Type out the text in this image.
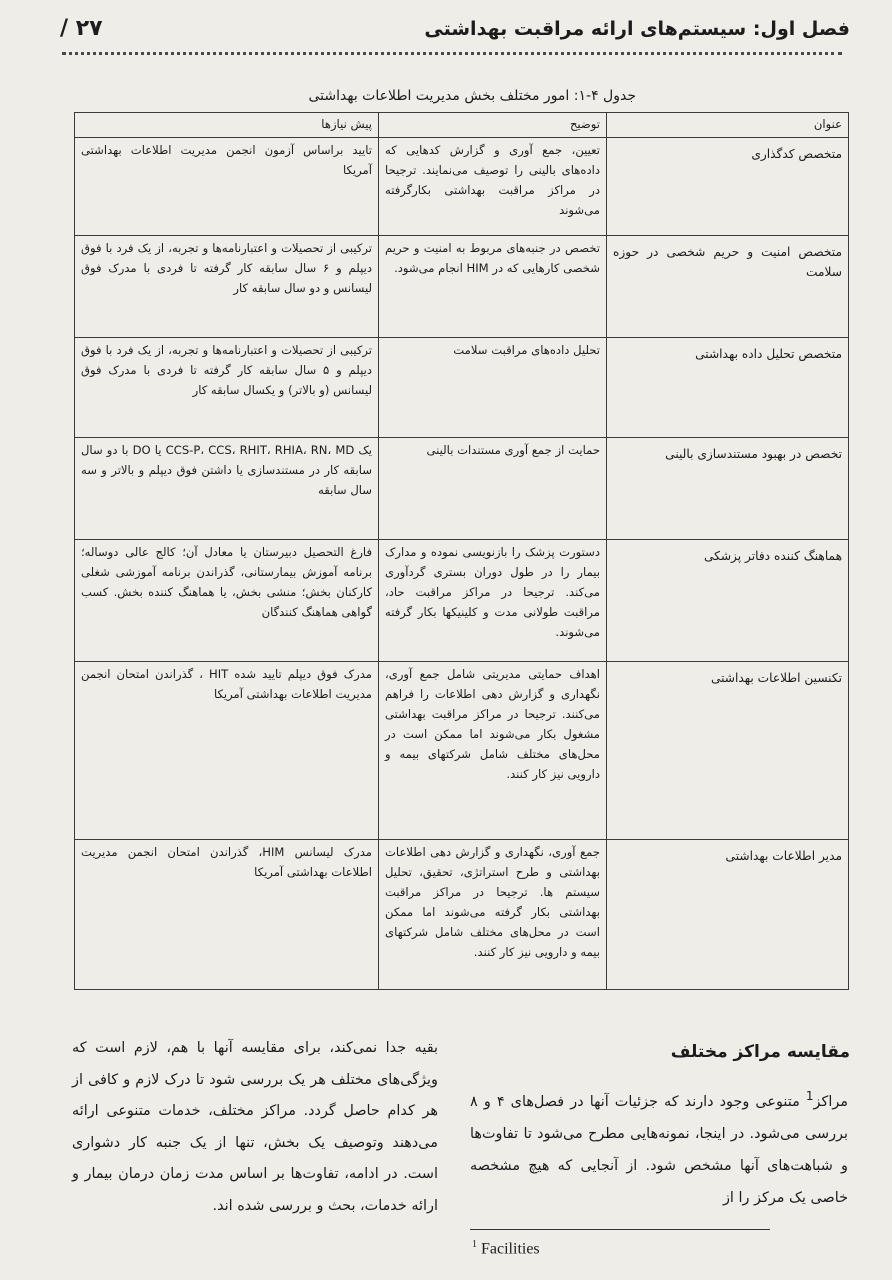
فصل اول: سیستم‌های ارائه مراقبت بهداشتی
۲۷ /
جدول ۴-۱: امور مختلف بخش مدیریت اطلاعات بهداشتی
عنوان	توضیح	پیش نیازها
متخصص کدگذاری	تعیین، جمع آوری و گزارش کدهایی که داده‌های بالینی را توصیف می‌نمایند. ترجیحا در مراکز مراقبت بهداشتی بکارگرفته می‌شوند	تایید براساس آزمون انجمن مدیریت اطلاعات بهداشتی آمریکا
متخصص امنیت و حریم شخصی در حوزه سلامت	تخصص در جنبه‌های مربوط به امنیت و حریم شخصی کارهایی که در HIM انجام می‌شود.	ترکیبی از تحصیلات و اعتبارنامه‌ها و تجربه، از یک فرد با فوق دیپلم و ۶ سال سابقه کار گرفته تا فردی با مدرک فوق لیسانس و دو سال سابقه کار
متخصص تحلیل داده بهداشتی	تحلیل داده‌های مراقبت سلامت	ترکیبی از تحصیلات و اعتبارنامه‌ها و تجربه، از یک فرد با فوق دیپلم و ۵ سال سابقه کار گرفته تا فردی با مدرک فوق لیسانس (و بالاتر) و یکسال سابقه کار
تخصص در بهبود مستندسازی بالینی	حمایت از جمع آوری مستندات بالینی	یک CCS-P، CCS، RHIT، RHIA، RN، MD یا DO با دو سال سابقه کار در مستندسازی یا داشتن فوق دیپلم و بالاتر و سه سال سابقه
هماهنگ کننده دفاتر پزشکی	دستورت پزشک را بازنویسی نموده و مدارک بیمار را در طول دوران بستری گردآوری می‌کند. ترجیحا در مراکز مراقبت حاد، مراقبت طولانی مدت و کلینیکها بکار گرفته می‌شوند.	فارغ التحصیل دبیرستان یا معادل آن؛ کالج عالی دوساله؛ برنامه آموزش بیمارستانی، گذراندن برنامه آموزشی شغلی کارکنان بخش؛ منشی بخش، یا هماهنگ کننده بخش. کسب گواهی هماهنگ کنندگان
تکنسین اطلاعات بهداشتی	اهداف حمایتی مدیریتی شامل جمع آوری، نگهداری و گزارش دهی اطلاعات را فراهم می‌کنند. ترجیحا در مراکز مراقبت بهداشتی مشغول بکار می‌شوند اما ممکن است در محل‌های مختلف شامل شرکتهای بیمه و دارویی نیز کار کنند.	مدرک فوق دیپلم تایید شده HIT ، گذراندن امتحان انجمن مدیریت اطلاعات بهداشتی آمریکا
مدیر اطلاعات بهداشتی	جمع آوری، نگهداری و گزارش دهی اطلاعات بهداشتی و طرح استراتژی، تحقیق، تحلیل سیستم ها. ترجیحا در مراکز مراقبت بهداشتی بکار گرفته می‌شوند اما ممکن است در محل‌های مختلف شامل شرکتهای بیمه و دارویی نیز کار کنند.	مدرک لیسانس HIM، گذراندن امتحان انجمن مدیریت اطلاعات بهداشتی آمریکا
مقایسه مراکز مختلف
مراکز$^1$ متنوعی وجود دارند که جزئیات آنها در فصل‌های ۴ و ۸ بررسی می‌شود. در اینجا، نمونه‌هایی مطرح می‌شود تا تفاوت‌ها و شباهت‌های آنها مشخص شود. از آنجایی که هیچ مشخصه خاصی یک مرکز را از
بقیه جدا نمی‌کند، برای مقایسه آنها با هم، لازم است که ویژگی‌های مختلف هر یک بررسی شود تا درک لازم و کافی از هر کدام حاصل گردد. مراکز مختلف، خدمات متنوعی ارائه می‌دهند وتوصیف یک بخش، تنها از یک جنبه کار دشواری است. در ادامه، تفاوت‌ها بر اساس مدت زمان درمان بیمار و ارائه خدمات، بحث و بررسی شده اند.
$^1$ Facilities
